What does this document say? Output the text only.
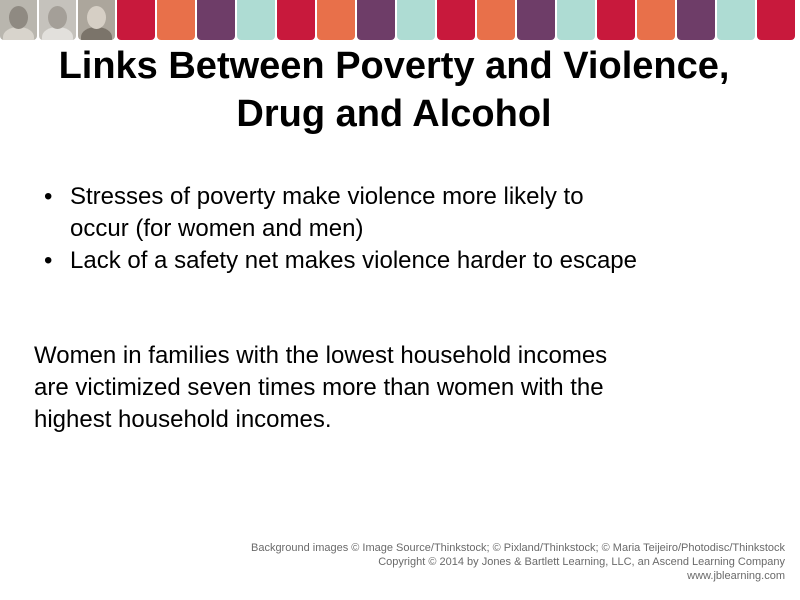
Links Between Poverty and Violence,
Drug and Alcohol
• Stresses of poverty make violence more likely to
occur (for women and men)
• Lack of a safety net makes violence harder to escape

Women in families with the lowest household incomes
are victimized seven times more than women with the
highest household incomes.

Background images © Image Source/Thinkstock; © Pixland/Thinkstock; © Maria Teijeiro/Photodisc/Thinkstock
Copyright © 2014 by Jones & Bartlett Learning, LLC, an Ascend Learning Company
www.jblearning.com
